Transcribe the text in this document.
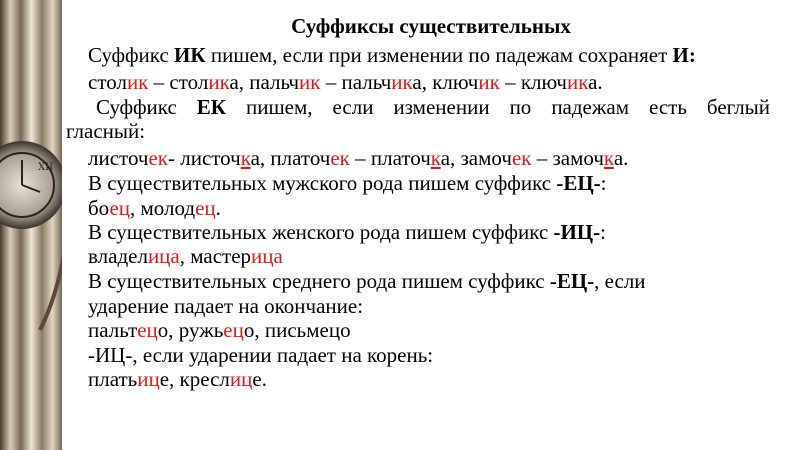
XII
Суффиксы существительных
Суффикс ИК пишем, если при изменении по падежам сохраняет И:
столик – столика, пальчик – пальчика, ключик – ключика.
Суффикс ЕК пишем, если изменении по падежам есть беглый
гласный:
листочек- листочка, платочек – платочка, замочек – замочка.
В существительных мужского рода пишем суффикс -ЕЦ-:
боец, молодец.
В существительных женского рода пишем суффикс -ИЦ-:
владелица, мастерица
В существительных среднего рода пишем суффикс -ЕЦ-, если
ударение падает на окончание:
пальтецо, ружьецо, письмецо
-ИЦ-, если ударении падает на корень:
платьице, креслице.
